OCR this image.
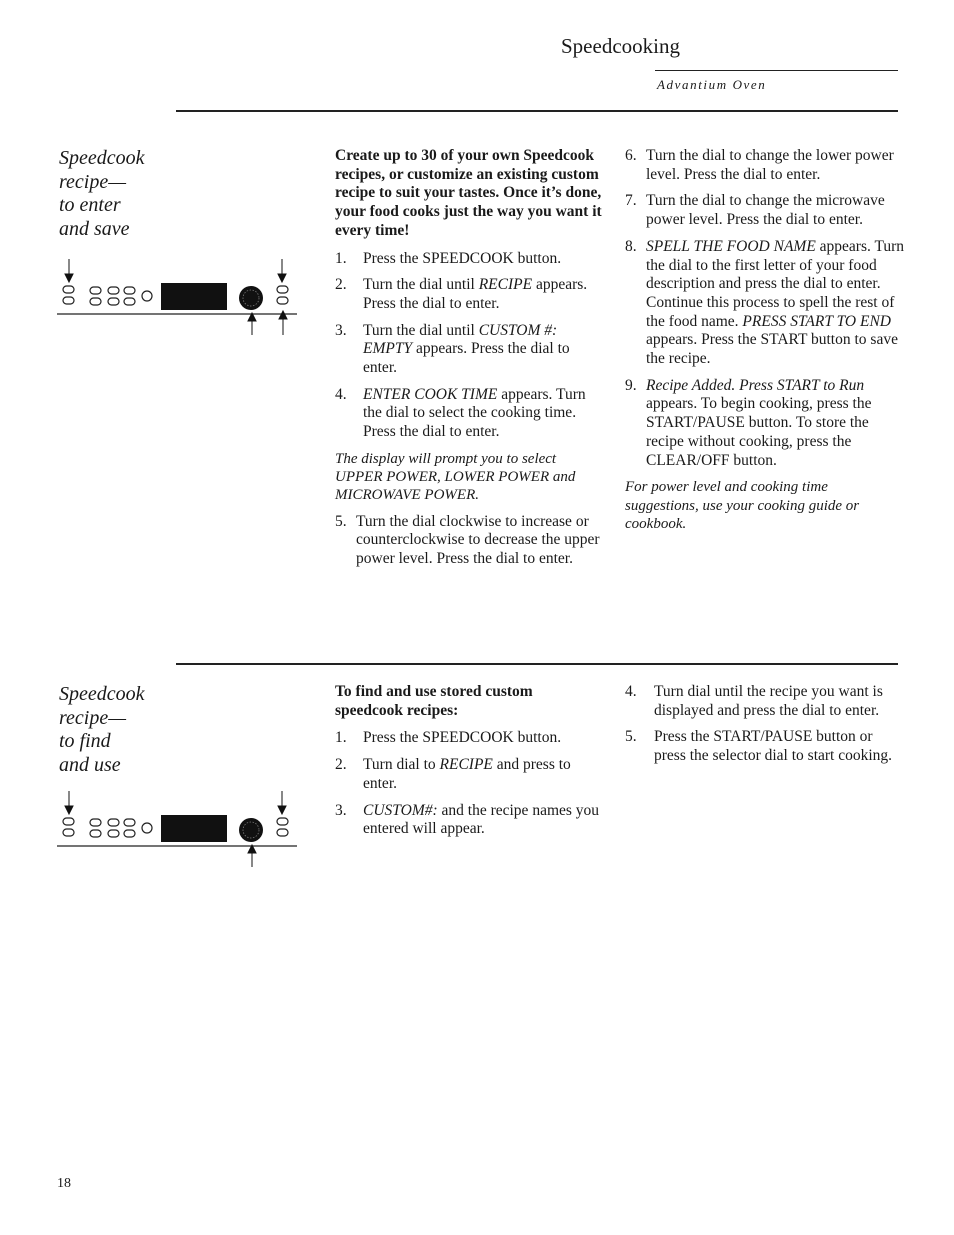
Speedcooking
Advantium Oven
Speedcook
recipe—
to enter
and save

Create up to 30 of your own Speedcook recipes, or customize an existing custom recipe to suit your tastes. Once it’s done, your food cooks just the way you want it every time!

1. Press the SPEEDCOOK button.
2. Turn the dial until RECIPE appears. Press the dial to enter.
3. Turn the dial until CUSTOM #: EMPTY appears. Press the dial to enter.
4. ENTER COOK TIME appears. Turn the dial to select the cooking time. Press the dial to enter.

The display will prompt you to select UPPER POWER, LOWER POWER and MICROWAVE POWER.

5. Turn the dial clockwise to increase or counterclockwise to decrease the upper power level. Press the dial to enter.
6. Turn the dial to change the lower power level. Press the dial to enter.
7. Turn the dial to change the microwave power level. Press the dial to enter.
8. SPELL THE FOOD NAME appears. Turn the dial to the first letter of your food description and press the dial to enter. Continue this process to spell the rest of the food name. PRESS START TO END appears. Press the START button to save the recipe.
9. Recipe Added. Press START to Run appears. To begin cooking, press the START/PAUSE button. To store the recipe without cooking, press the CLEAR/OFF button.

For power level and cooking time suggestions, use your cooking guide or cookbook.

Speedcook
recipe—
to find
and use

To find and use stored custom speedcook recipes:

1. Press the SPEEDCOOK button.
2. Turn dial to RECIPE and press to enter.
3. CUSTOM#: and the recipe names you entered will appear.
4. Turn dial until the recipe you want is displayed and press the dial to enter.
5. Press the START/PAUSE button or press the selector dial to start cooking.
18
